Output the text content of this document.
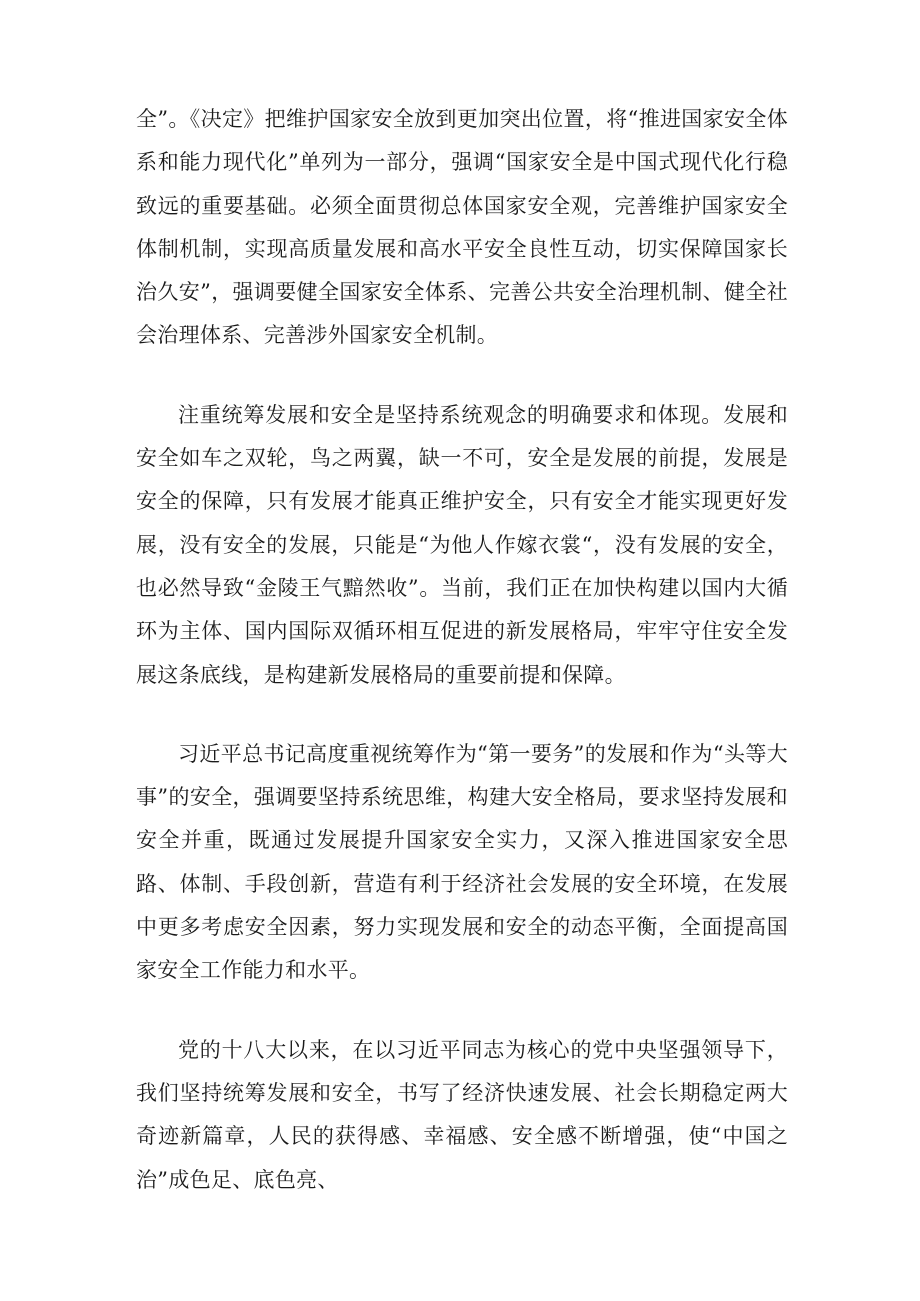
全”。《决定》把维护国家安全放到更加突出位置，将“推进国家安全体系和能力现代化”单列为一部分，强调“国家安全是中国式现代化行稳致远的重要基础。必须全面贯彻总体国家安全观，完善维护国家安全体制机制，实现高质量发展和高水平安全良性互动，切实保障国家长治久安”，强调要健全国家安全体系、完善公共安全治理机制、健全社会治理体系、完善涉外国家安全机制。

注重统筹发展和安全是坚持系统观念的明确要求和体现。发展和安全如车之双轮，鸟之两翼，缺一不可，安全是发展的前提，发展是安全的保障，只有发展才能真正维护安全，只有安全才能实现更好发展，没有安全的发展，只能是“为他人作嫁衣裳“，没有发展的安全，也必然导致“金陵王气黯然收”。当前，我们正在加快构建以国内大循环为主体、国内国际双循环相互促进的新发展格局，牢牢守住安全发展这条底线，是构建新发展格局的重要前提和保障。

习近平总书记高度重视统筹作为“第一要务”的发展和作为“头等大事”的安全，强调要坚持系统思维，构建大安全格局，要求坚持发展和安全并重，既通过发展提升国家安全实力，又深入推进国家安全思路、体制、手段创新，营造有利于经济社会发展的安全环境，在发展中更多考虑安全因素，努力实现发展和安全的动态平衡，全面提高国家安全工作能力和水平。

党的十八大以来，在以习近平同志为核心的党中央坚强领导下，我们坚持统筹发展和安全，书写了经济快速发展、社会长期稳定两大奇迹新篇章，人民的获得感、幸福感、安全感不断增强，使“中国之治”成色足、底色亮、
